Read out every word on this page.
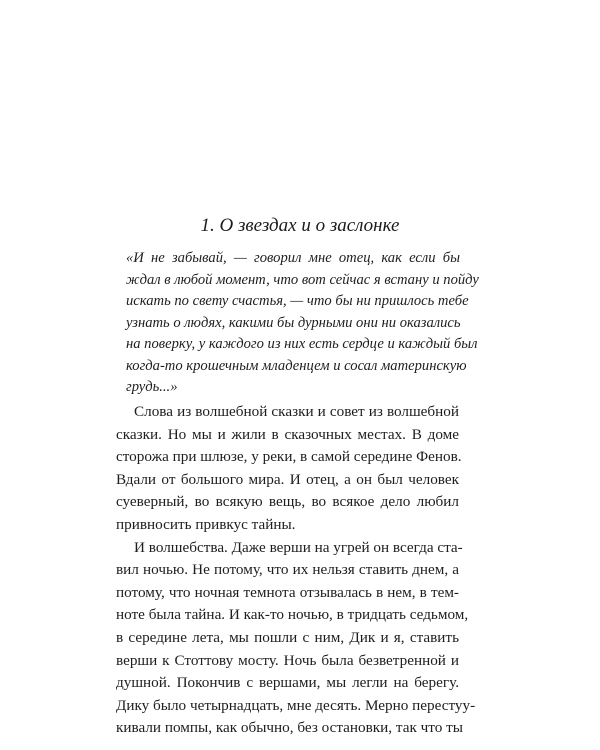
1. О звездах и о заслонке
«И не забывай, — говорил мне отец, как если бы
ждал в любой момент, что вот сейчас я встану и пойду
искать по свету счастья, — что бы ни пришлось тебе
узнать о людях, какими бы дурными они ни оказались
на поверку, у каждого из них есть сердце и каждый был
когда-то крошечным младенцем и сосал материнскую
грудь...»
Слова из волшебной сказки и совет из волшебной
сказки. Но мы и жили в сказочных местах. В доме
сторожа при шлюзе, у реки, в самой середине Фенов.
Вдали от большого мира. И отец, а он был человек
суеверный, во всякую вещь, во всякое дело любил
привносить привкус тайны.
И волшебства. Даже верши на угрей он всегда ста-
вил ночью. Не потому, что их нельзя ставить днем, а
потому, что ночная темнота отзывалась в нем, в тем-
ноте была тайна. И как-то ночью, в тридцать седьмом,
в середине лета, мы пошли с ним, Дик и я, ставить
верши к Стоттову мосту. Ночь была безветренной и
душной. Покончив с вершами, мы легли на берегу.
Дику было четырнадцать, мне десять. Мерно перестуу-
кивали помпы, как обычно, без остановки, так что ты
